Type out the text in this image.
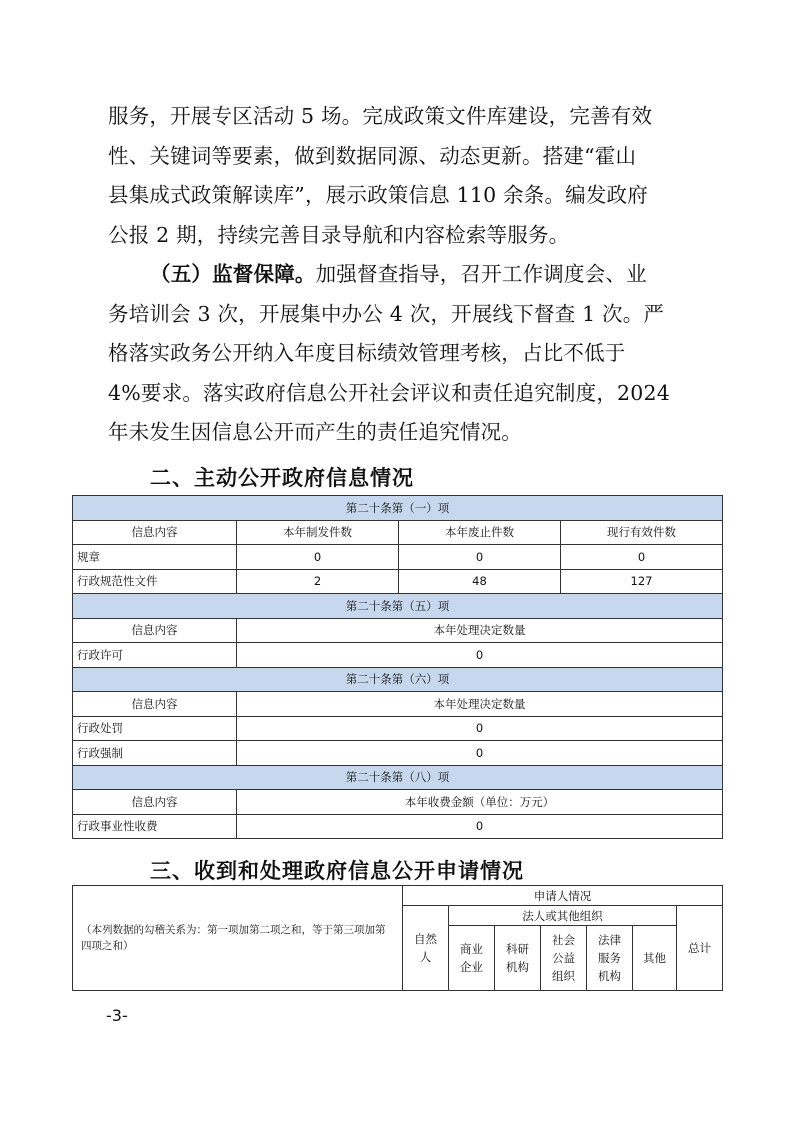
服务，开展专区活动 5 场。完成政策文件库建设，完善有效
性、关键词等要素，做到数据同源、动态更新。搭建“霍山
县集成式政策解读库”，展示政策信息 110 余条。编发政府
公报 2 期，持续完善目录导航和内容检索等服务。
（五）监督保障。加强督查指导，召开工作调度会、业
务培训会 3 次，开展集中办公 4 次，开展线下督查 1 次。严
格落实政务公开纳入年度目标绩效管理考核，占比不低于
4%要求。落实政府信息公开社会评议和责任追究制度，2024
年未发生因信息公开而产生的责任追究情况。
二、主动公开政府信息情况
第二十条第（一）项			
信息内容	本年制发件数	本年废止件数	现行有效件数
规章	0	0	0
行政规范性文件	2	48	127
第二十条第（五）项			
信息内容	本年处理决定数量		
行政许可	0		
第二十条第（六）项			
信息内容	本年处理决定数量		
行政处罚	0		
行政强制	0		
第二十条第（八）项			
信息内容	本年收费金额（单位：万元）		
行政事业性收费	0		
三、收到和处理政府信息公开申请情况
（本列数据的勾稽关系为：第一项加第二项之和，等于第三项加第四项之和）	申请人情况						
	自然人	法人或其他组织					总计
		商业企业	科研机构	社会公益组织	法律服务机构	其他	
-3-
